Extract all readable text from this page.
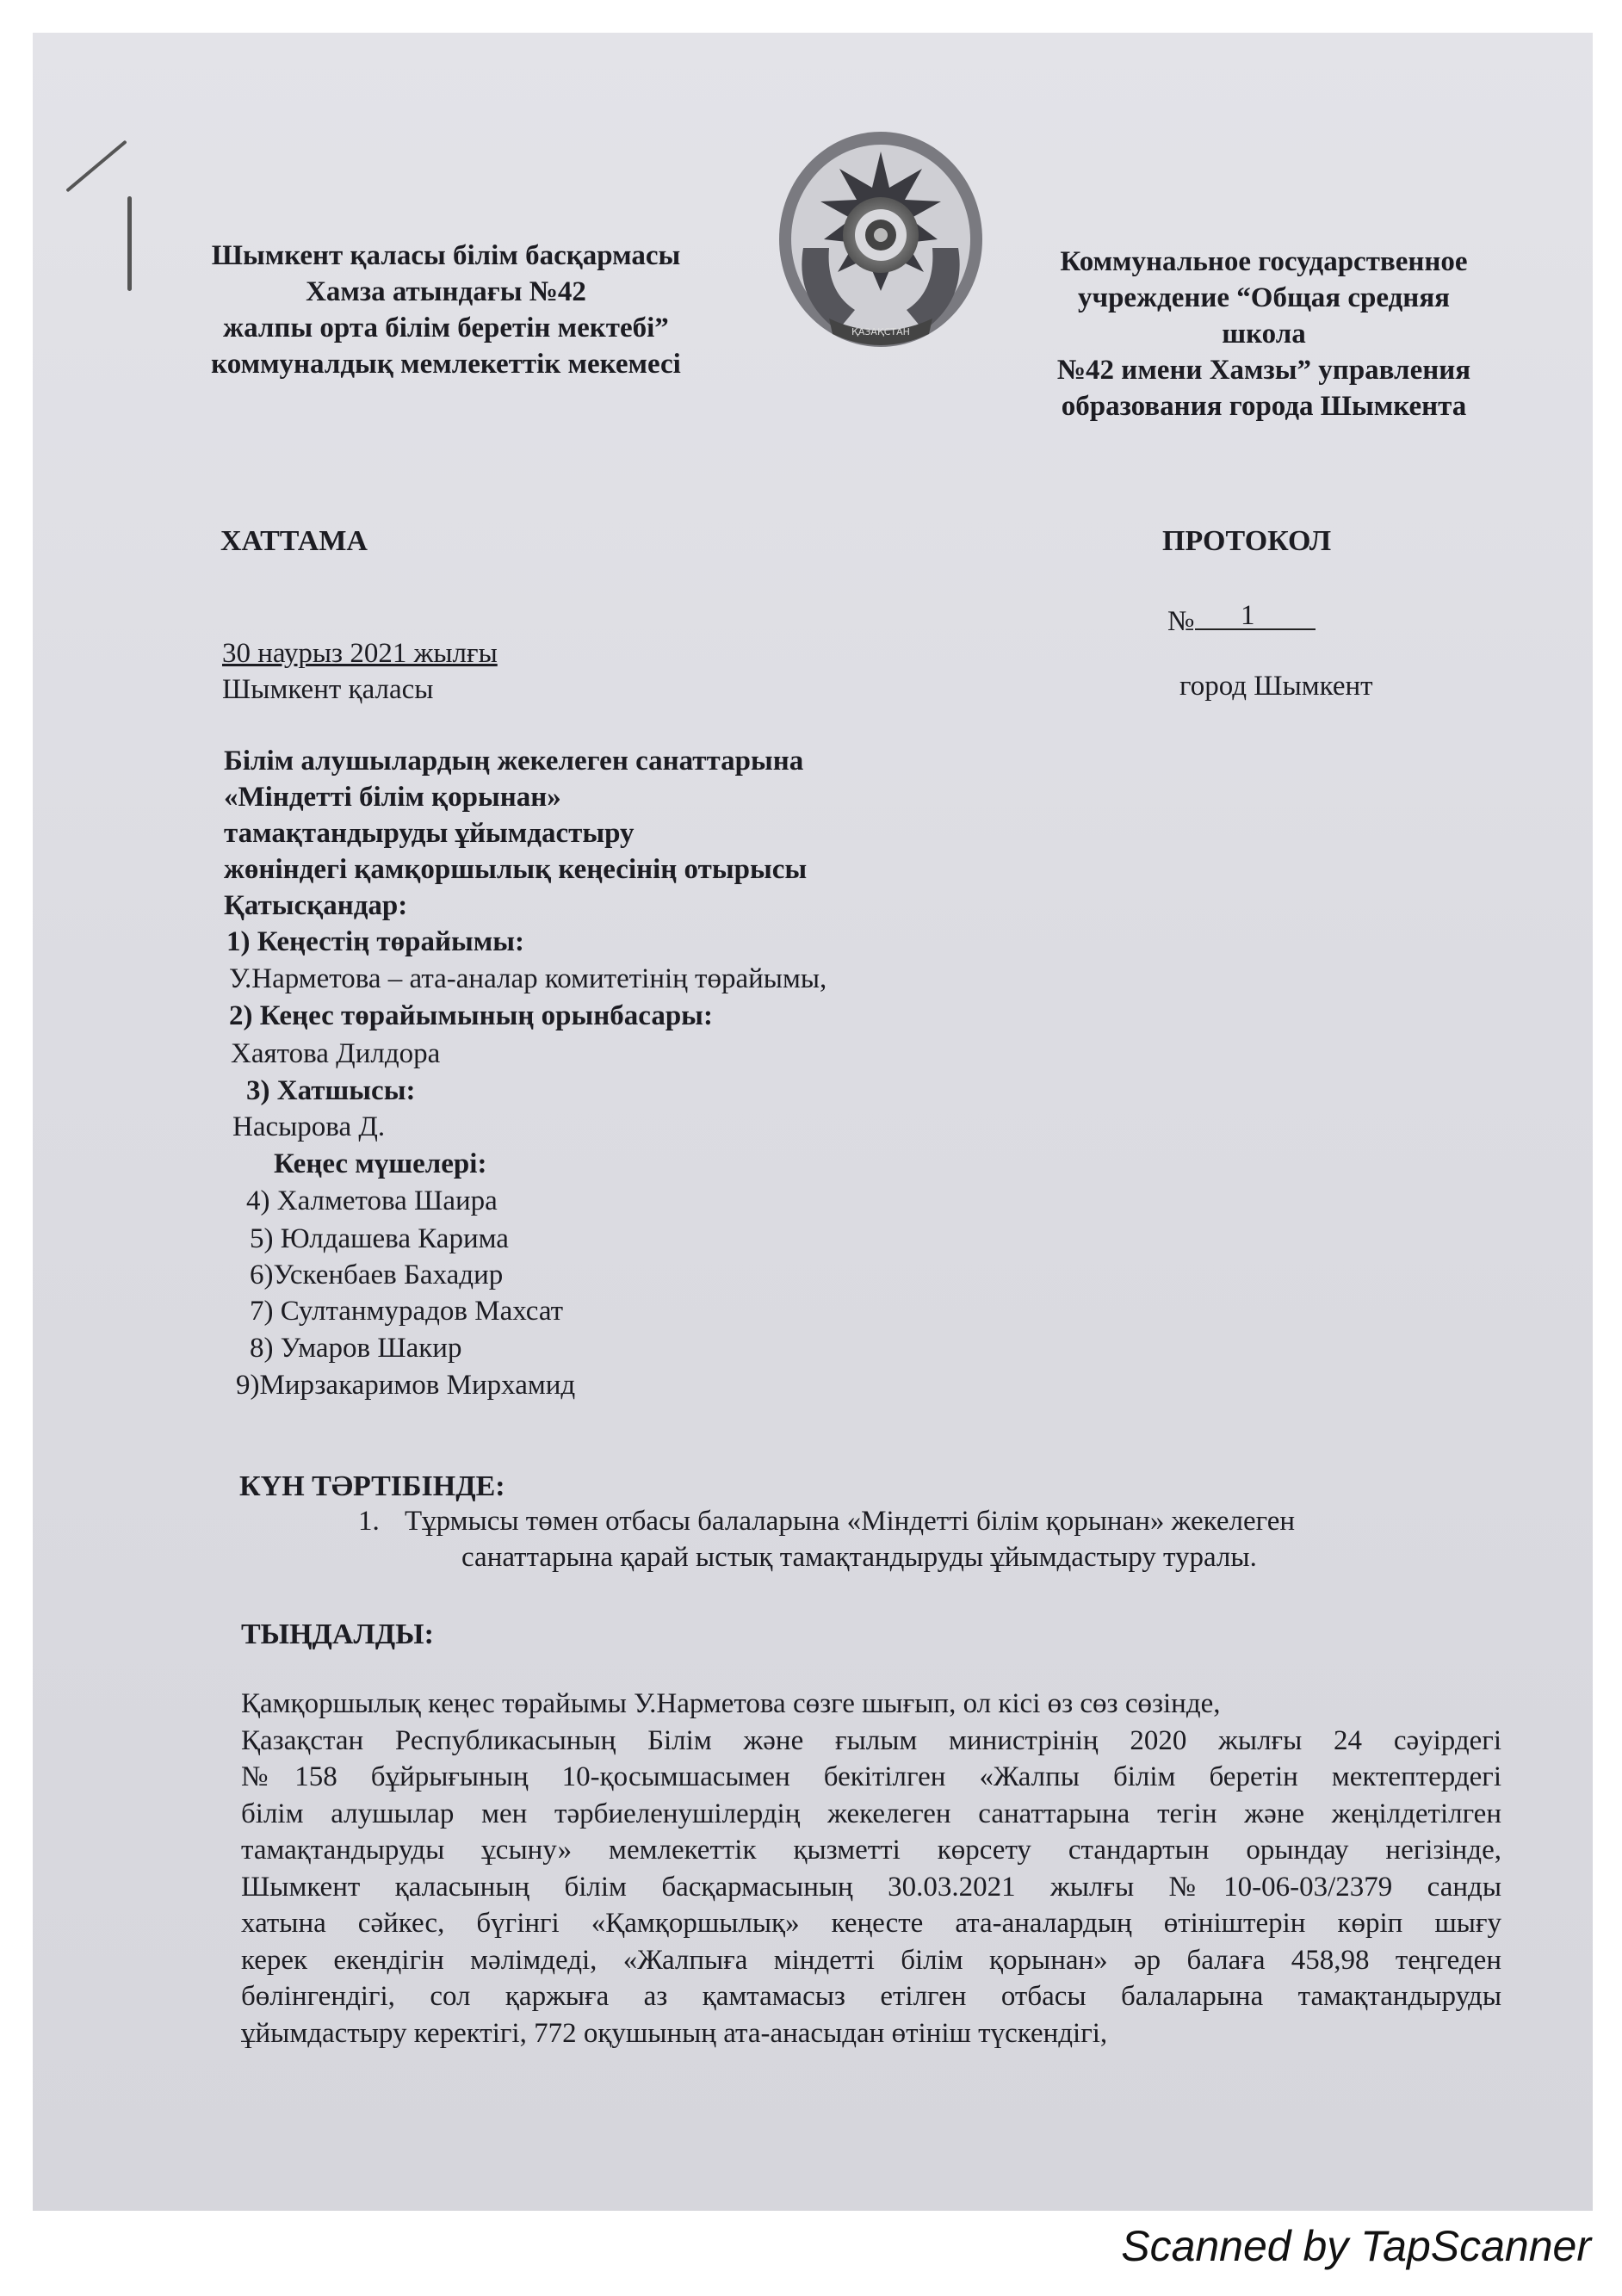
Шымкент қаласы білім басқармасы
Хамза атындағы №42
жалпы орта білім беретін мектебі”
коммуналдық мемлекеттік мекемесі
ҚАЗАҚСТАН
Коммунальное государственное
учреждение “Общая средняя
школа
№42 имени Хамзы” управления
образования города Шымкента
ХАТТАМА	ПРОТОКОЛ
№ 1
30 наурыз 2021 жылғы
Шымкент қаласы	город Шымкент
Білім алушылардың жекелеген санаттарына
«Міндетті білім қорынан»
тамақтандыруды ұйымдастыру
жөніндегі қамқоршылық кеңесінің отырысы
Қатысқандар:
1) Кеңестің төрайымы:
У.Нарметова – ата-аналар комитетінің төрайымы,
2) Кеңес төрайымының орынбасары:
Хаятова Дилдора
3) Хатшысы:
Насырова Д.
Кеңес мүшелері:
4) Халметова Шаира
5) Юлдашева Карима
6)Ускенбаев Бахадир
7) Султанмурадов Махсат
8) Умаров Шакир
9)Мирзакаримов Мирхамид
КҮН ТӘРТІБІНДЕ:
1. Тұрмысы төмен отбасы балаларына «Міндетті білім қорынан» жекелеген
санаттарына қарай ыстық тамақтандыруды ұйымдастыру туралы.
ТЫҢДАЛДЫ:
Қамқоршылық кеңес төрайымы У.Нарметова сөзге шығып, ол кісі өз сөз сөзінде,
Қазақстан Республикасының Білім және ғылым министрінің 2020 жылғы 24 сәуірдегі
№158 бұйрығының 10-қосымшасымен бекітілген «Жалпы білім беретін мектептердегі
білім алушылар мен тәрбиеленушілердің жекелеген санаттарына тегін және жеңілдетілген
тамақтандыруды ұсыну» мемлекеттік қызметті көрсету стандартын орындау негізінде,
Шымкент қаласының білім басқармасының 30.03.2021 жылғы №10-06-03/2379 санды
хатына сәйкес, бүгінгі «Қамқоршылық» кеңесте ата-аналардың өтініштерін көріп шығу
керек екендігін мәлімдеді, «Жалпыға міндетті білім қорынан» әр балаға 458,98 теңгеден
бөлінгендігі, сол қаржыға аз қамтамасыз етілген отбасы балаларына тамақтандыруды
ұйымдастыру керектігі, 772 оқушының ата-анасыдан өтініш түскендігі,
Scanned by TapScanner
